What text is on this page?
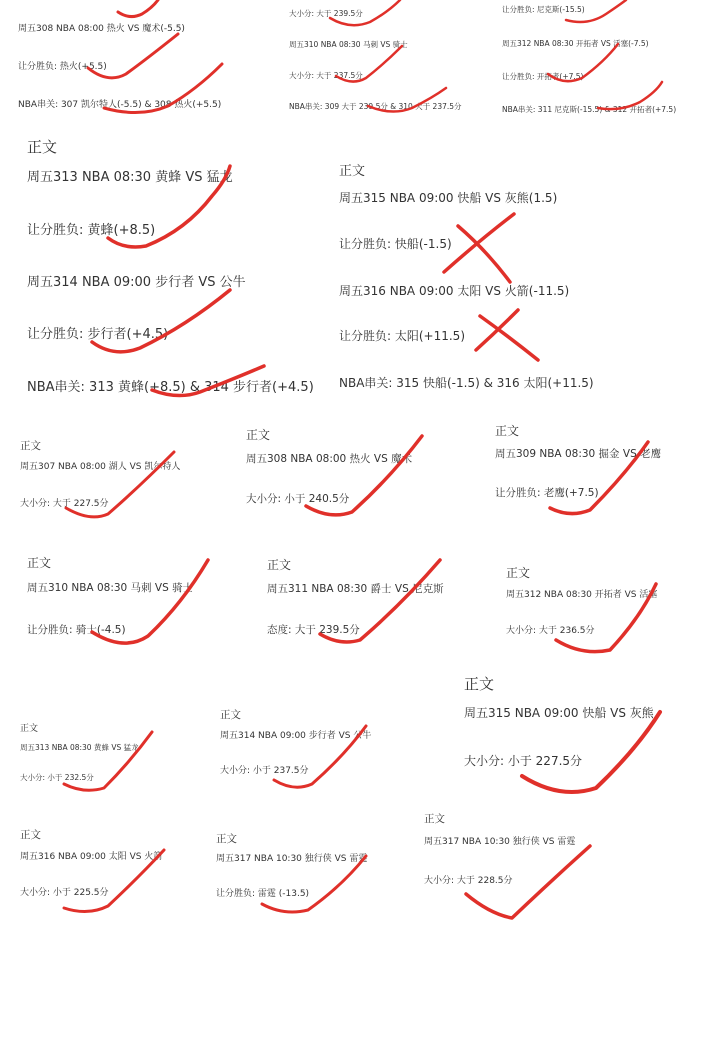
周五308 NBA 08:00 热火 VS 魔术(-5.5)
让分胜负: 热火(+5.5)
NBA串关: 307 凯尔特人(-5.5) & 308 热火(+5.5)
大小分: 大于 239.5分
周五310 NBA 08:30 马刺 VS 骑士
大小分: 大于 237.5分
NBA串关: 309 大于 239.5分 & 310 大于 237.5分
让分胜负: 尼克斯(-15.5)
周五312 NBA 08:30 开拓者 VS 活塞(-7.5)
让分胜负: 开拓者(+7.5)
NBA串关: 311 尼克斯(-15.5) & 312 开拓者(+7.5)
正文
周五313 NBA 08:30 黄蜂 VS 猛龙
让分胜负: 黄蜂(+8.5)
周五314 NBA 09:00 步行者 VS 公牛
让分胜负: 步行者(+4.5)
NBA串关: 313 黄蜂(+8.5) & 314 步行者(+4.5)
正文
周五315 NBA 09:00 快船 VS 灰熊(1.5)
让分胜负: 快船(-1.5)
周五316 NBA 09:00 太阳 VS 火箭(-11.5)
让分胜负: 太阳(+11.5)
NBA串关: 315 快船(-1.5) & 316 太阳(+11.5)
正文
周五307 NBA 08:00 湖人 VS 凯尔特人
大小分: 大于 227.5分
正文
周五308 NBA 08:00 热火 VS 魔术
大小分: 小于 240.5分
正文
周五309 NBA 08:30 掘金 VS 老鹰
让分胜负: 老鹰(+7.5)
正文
周五310 NBA 08:30 马刺 VS 骑士
让分胜负: 骑士(-4.5)
正文
周五311 NBA 08:30 爵士 VS 尼克斯
态度: 大于 239.5分
正文
周五312 NBA 08:30 开拓者 VS 活塞
大小分: 大于 236.5分
正文
周五313 NBA 08:30 黄蜂 VS 猛龙
大小分: 小于 232.5分
正文
周五314 NBA 09:00 步行者 VS 公牛
大小分: 小于 237.5分
正文
周五315 NBA 09:00 快船 VS 灰熊
大小分: 小于 227.5分
正文
周五316 NBA 09:00 太阳 VS 火箭
大小分: 小于 225.5分
正文
周五317 NBA 10:30 独行侠 VS 雷霆
让分胜负: 雷霆 (-13.5)
正文
周五317 NBA 10:30 独行侠 VS 雷霆
大小分: 大于 228.5分
